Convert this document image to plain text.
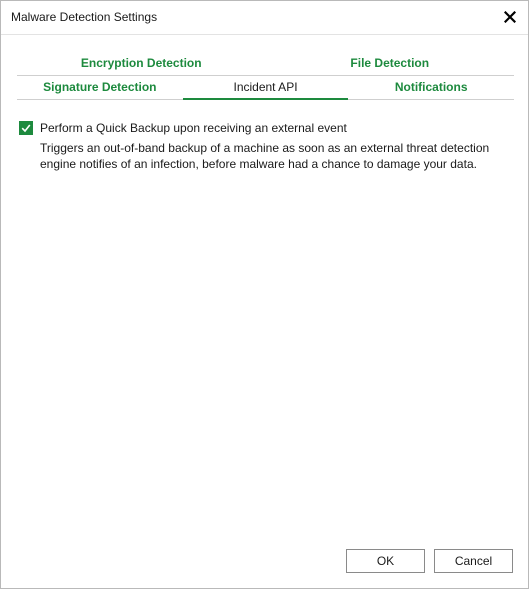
Malware Detection Settings
Encryption Detection	File Detection
Signature Detection	Incident API	Notifications
Perform a Quick Backup upon receiving an external event
Triggers an out-of-band backup of a machine as soon as an external threat detection engine notifies of an infection, before malware had a chance to damage your data.
OK	Cancel
